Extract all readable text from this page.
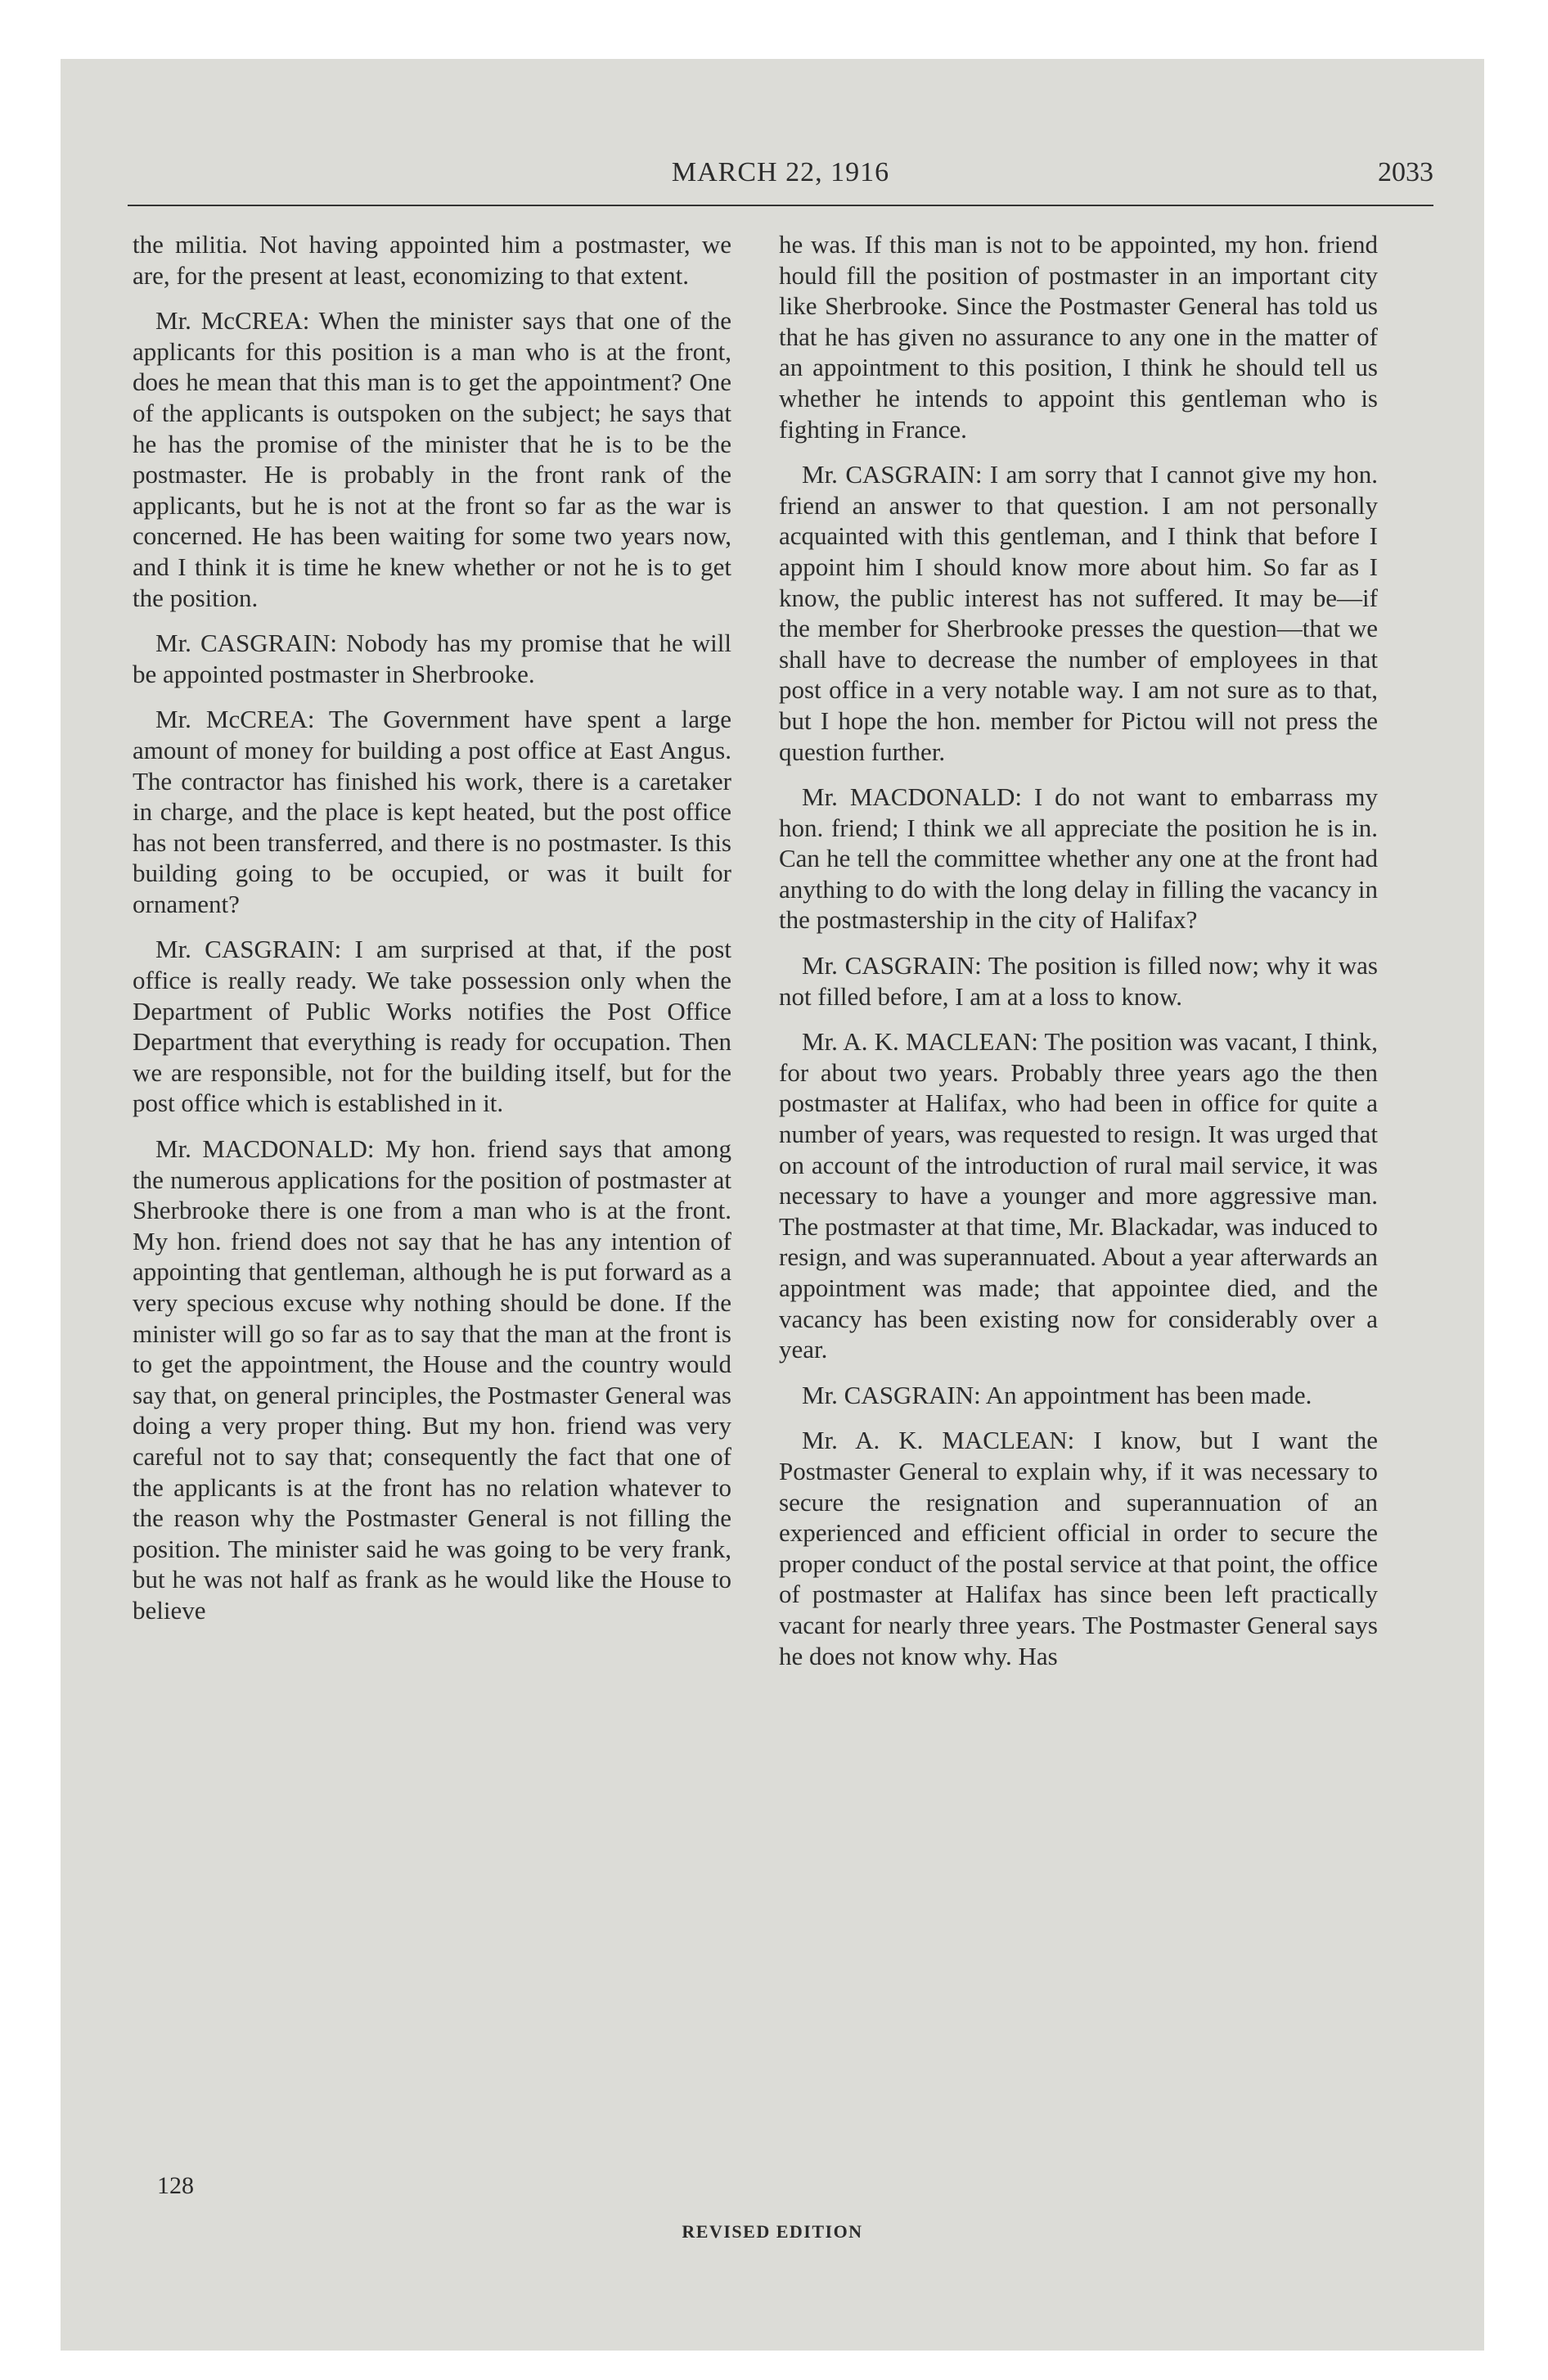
MARCH 22, 1916	2033

the militia. Not having appointed him a postmaster, we are, for the present at least, economizing to that extent.

Mr. McCREA: When the minister says that one of the applicants for this position is a man who is at the front, does he mean that this man is to get the appointment? One of the applicants is outspoken on the subject; he says that he has the promise of the minister that he is to be the postmaster. He is probably in the front rank of the applicants, but he is not at the front so far as the war is concerned. He has been waiting for some two years now, and I think it is time he knew whether or not he is to get the position.

Mr. CASGRAIN: Nobody has my promise that he will be appointed postmaster in Sherbrooke.

Mr. McCREA: The Government have spent a large amount of money for building a post office at East Angus. The contractor has finished his work, there is a caretaker in charge, and the place is kept heated, but the post office has not been transferred, and there is no postmaster. Is this building going to be occupied, or was it built for ornament?

Mr. CASGRAIN: I am surprised at that, if the post office is really ready. We take possession only when the Department of Public Works notifies the Post Office Department that everything is ready for occupation. Then we are responsible, not for the building itself, but for the post office which is established in it.

Mr. MACDONALD: My hon. friend says that among the numerous applications for the position of postmaster at Sherbrooke there is one from a man who is at the front. My hon. friend does not say that he has any intention of appointing that gentleman, although he is put forward as a very specious excuse why nothing should be done. If the minister will go so far as to say that the man at the front is to get the appointment, the House and the country would say that, on general principles, the Postmaster General was doing a very proper thing. But my hon. friend was very careful not to say that; consequently the fact that one of the applicants is at the front has no relation whatever to the reason why the Postmaster General is not filling the position. The minister said he was going to be very frank, but he was not half as frank as he would like the House to believe

he was. If this man is not to be appointed, my hon. friend hould fill the position of postmaster in an important city like Sherbrooke. Since the Postmaster General has told us that he has given no assurance to any one in the matter of an appointment to this position, I think he should tell us whether he intends to appoint this gentleman who is fighting in France.

Mr. CASGRAIN: I am sorry that I cannot give my hon. friend an answer to that question. I am not personally acquainted with this gentleman, and I think that before I appoint him I should know more about him. So far as I know, the public interest has not suffered. It may be—if the member for Sherbrooke presses the question—that we shall have to decrease the number of employees in that post office in a very notable way. I am not sure as to that, but I hope the hon. member for Pictou will not press the question further.

Mr. MACDONALD: I do not want to embarrass my hon. friend; I think we all appreciate the position he is in. Can he tell the committee whether any one at the front had anything to do with the long delay in filling the vacancy in the postmastership in the city of Halifax?

Mr. CASGRAIN: The position is filled now; why it was not filled before, I am at a loss to know.

Mr. A. K. MACLEAN: The position was vacant, I think, for about two years. Probably three years ago the then postmaster at Halifax, who had been in office for quite a number of years, was requested to resign. It was urged that on account of the introduction of rural mail service, it was necessary to have a younger and more aggressive man. The postmaster at that time, Mr. Blackadar, was induced to resign, and was superannuated. About a year afterwards an appointment was made; that appointee died, and the vacancy has been existing now for considerably over a year.

Mr. CASGRAIN: An appointment has been made.

Mr. A. K. MACLEAN: I know, but I want the Postmaster General to explain why, if it was necessary to secure the resignation and superannuation of an experienced and efficient official in order to secure the proper conduct of the postal service at that point, the office of postmaster at Halifax has since been left practically vacant for nearly three years. The Postmaster General says he does not know why. Has

128
REVISED EDITION
